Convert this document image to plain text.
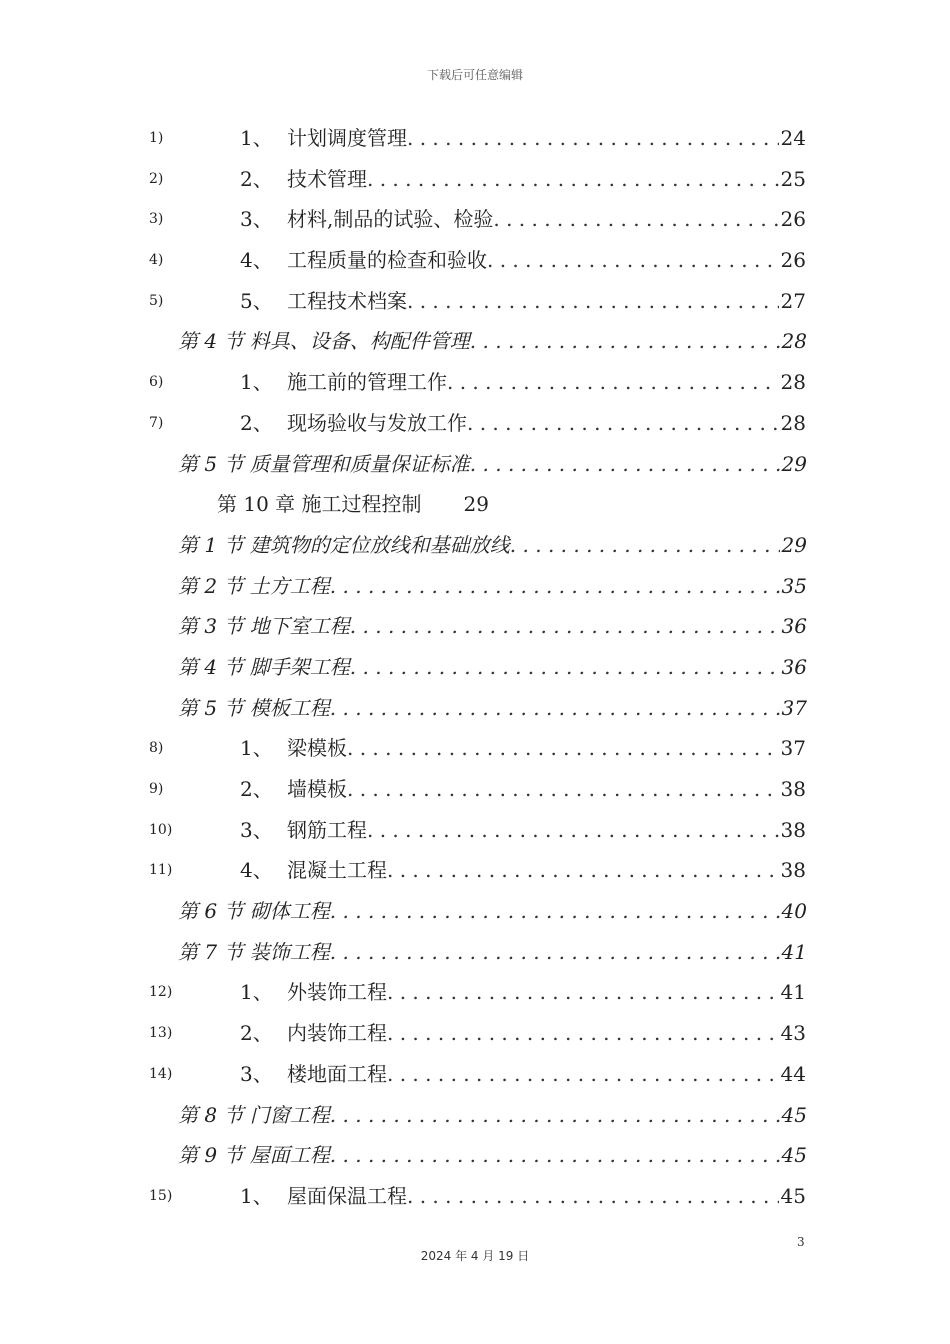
下载后可任意编辑
1)	1、 计划调度管理 . . .	24
2)	2、 技术管理 . . .	25
3)	3、 材料,制品的试验、检验 . . .	26
4)	4、 工程质量的检查和验收 . . .	26
5)	5、 工程技术档案 . . .	27
第 4 节 料具、设备、构配件管理 . . .	28
6)	1、 施工前的管理工作 . . .	28
7)	2、 现场验收与发放工作 . . .	28
第 5 节 质量管理和质量保证标准 . . .	29
第 10 章 施工过程控制 29
第 1 节 建筑物的定位放线和基础放线 . . .	29
第 2 节 土方工程 . . .	35
第 3 节 地下室工程 . . .	36
第 4 节 脚手架工程 . . .	36
第 5 节 模板工程 . . .	37
8)	1、 梁模板 . . .	37
9)	2、 墙模板 . . .	38
10)	3、 钢筋工程 . . .	38
11)	4、 混凝土工程 . . .	38
第 6 节 砌体工程 . . .	40
第 7 节 装饰工程 . . .	41
12)	1、 外装饰工程 . . .	41
13)	2、 内装饰工程 . . .	43
14)	3、 楼地面工程 . . .	44
第 8 节 门窗工程 . . .	45
第 9 节 屋面工程 . . .	45
15)	1、 屋面保温工程 . . .	45
3
2024 年 4 月 19 日
